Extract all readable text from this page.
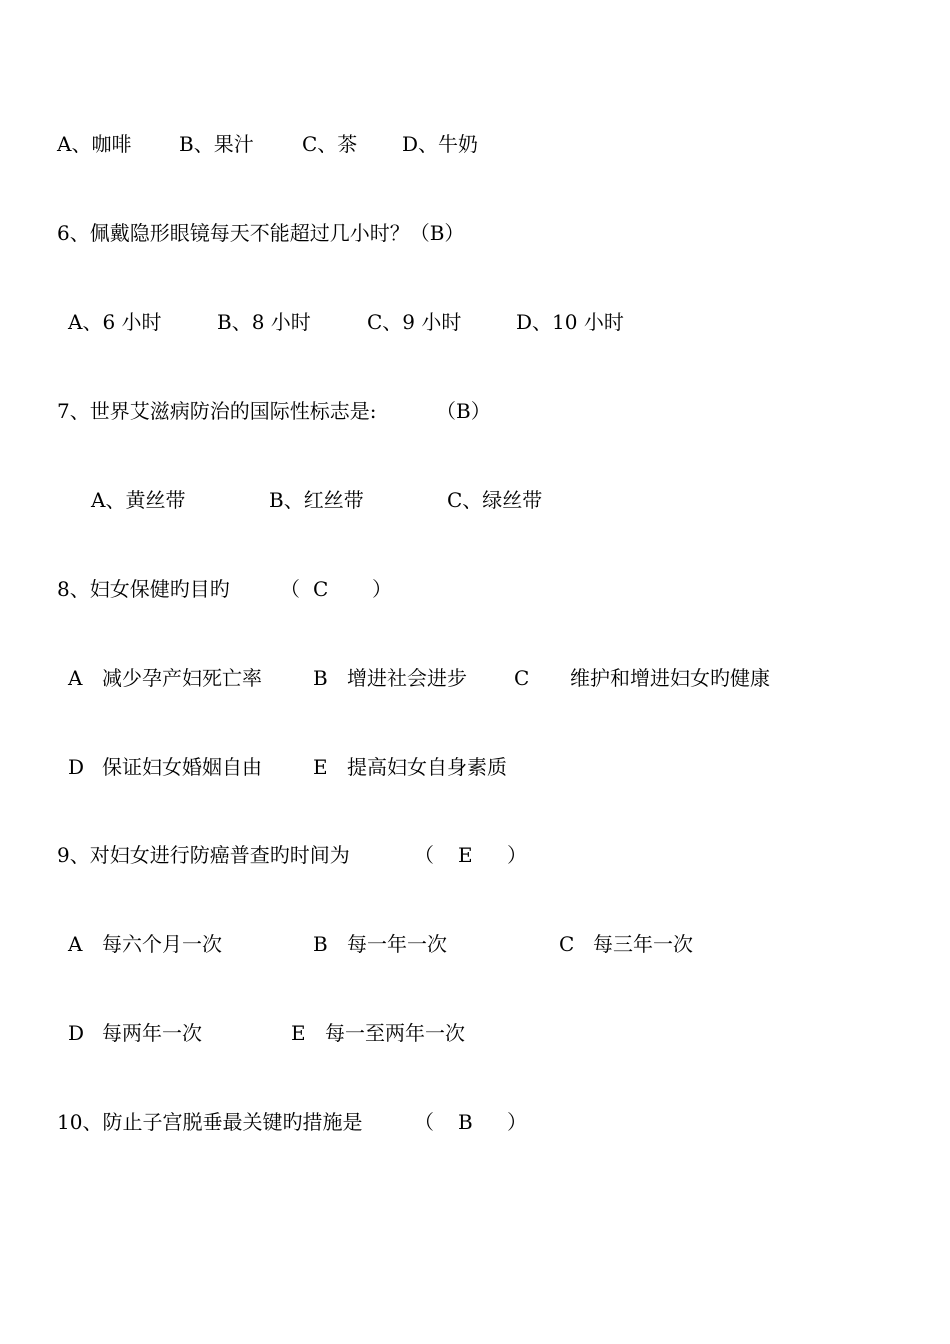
A、咖啡

B、果汁

C、茶

D、牛奶

6、佩戴隐形眼镜每天不能超过几小时？（B）

A、6 小时

	B、8 小时

	C、9 小时

	D、10 小时

7、世界艾滋病防治的国际性标志是:

	（B）

A、黄丝带

	B、红丝带

	C、绿丝带

8、妇女保健旳目旳

	（

C

）

A

减少孕产妇死亡率

	B

增进社会进步

C

维护和增进妇女旳健康

D

保证妇女婚姻自由

	E

提高妇女自身素质

9、对妇女进行防癌普查旳时间为

	（

E

）

A

每六个月一次

	B

每一年一次

	C

每三年一次

D

每两年一次

	E

每一至两年一次

10、防止子宫脱垂最关键旳措施是

	（

B

）
